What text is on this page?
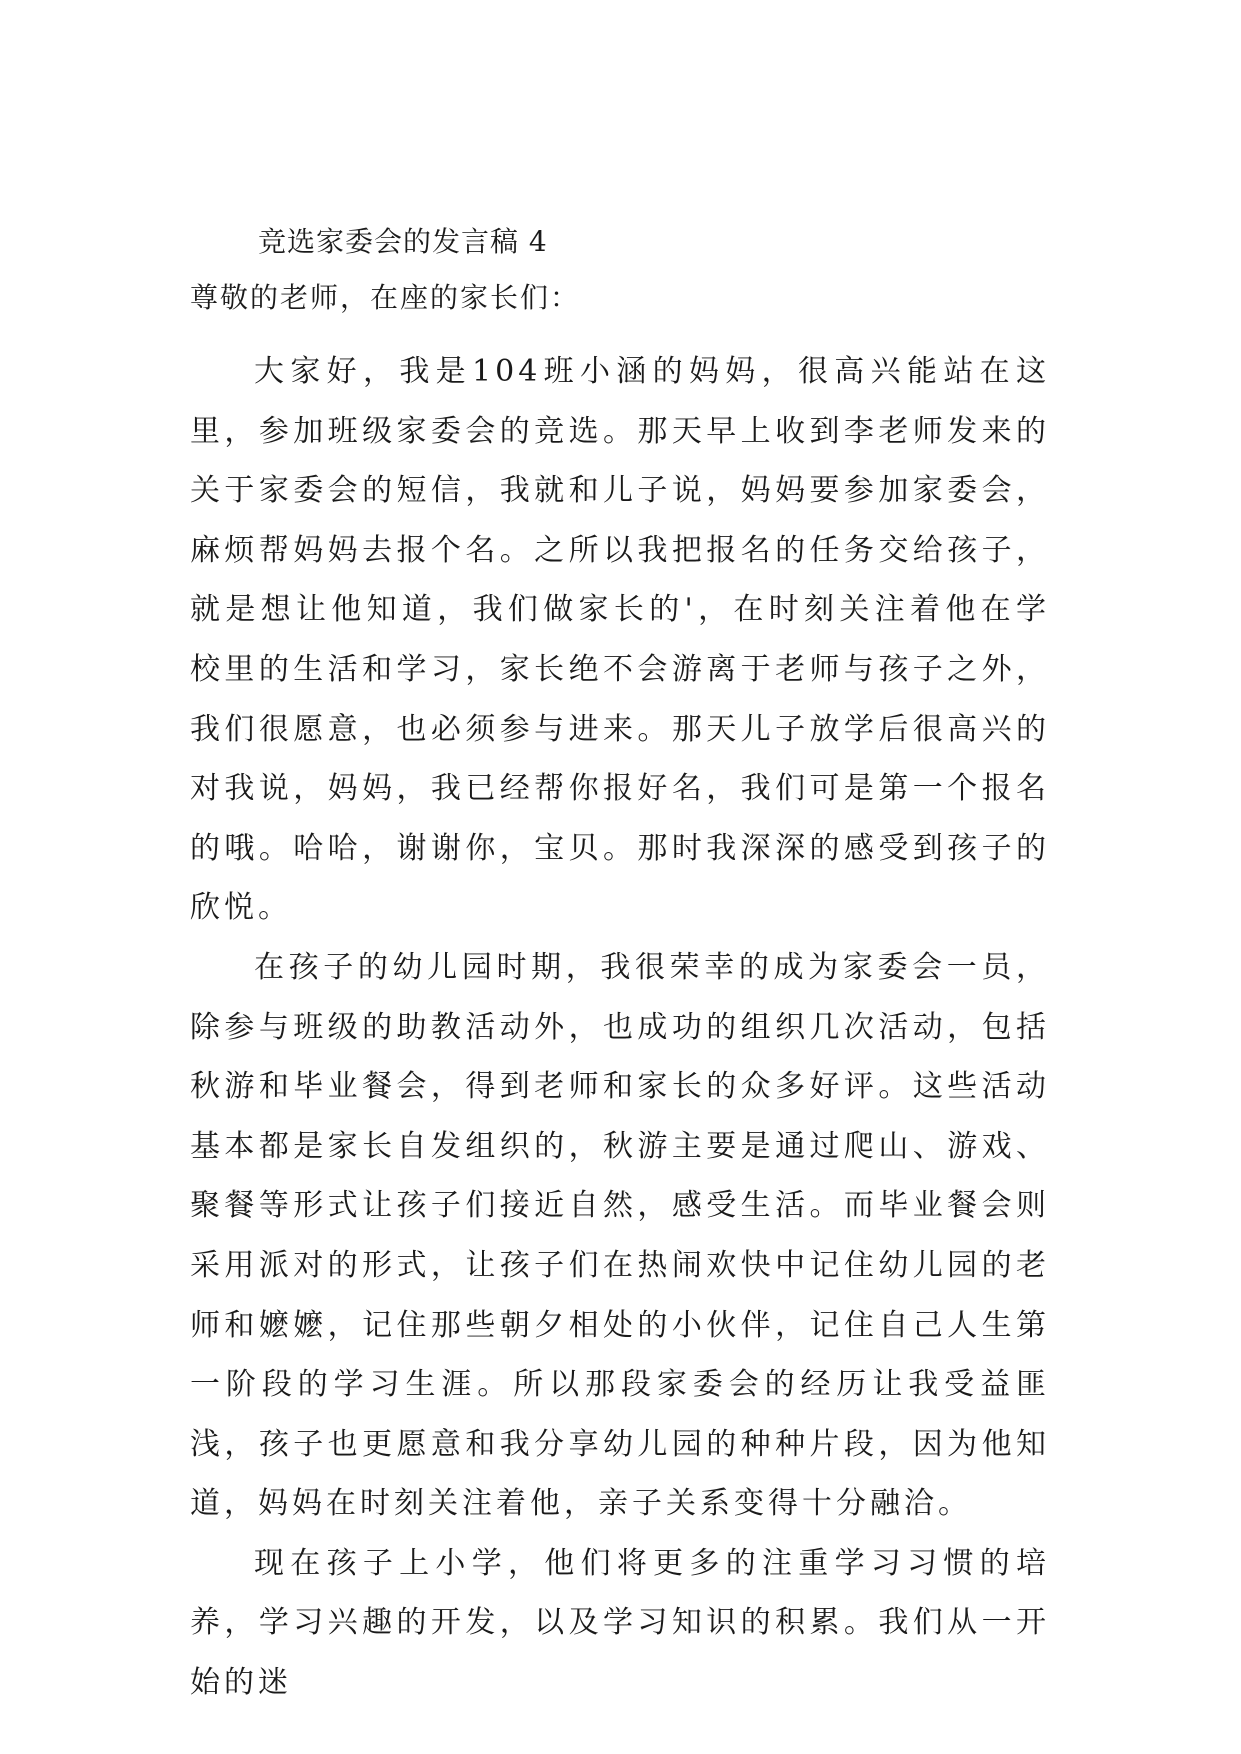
竞选家委会的发言稿 4
尊敬的老师，在座的家长们：

大家好，我是104班小涵的妈妈，很高兴能站在这里，参加班级家委会的竞选。那天早上收到李老师发来的关于家委会的短信，我就和儿子说，妈妈要参加家委会，麻烦帮妈妈去报个名。之所以我把报名的任务交给孩子，就是想让他知道，我们做家长的'，在时刻关注着他在学校里的生活和学习，家长绝不会游离于老师与孩子之外，我们很愿意，也必须参与进来。那天儿子放学后很高兴的对我说，妈妈，我已经帮你报好名，我们可是第一个报名的哦。哈哈，谢谢你，宝贝。那时我深深的感受到孩子的欣悦。

在孩子的幼儿园时期，我很荣幸的成为家委会一员，除参与班级的助教活动外，也成功的组织几次活动，包括秋游和毕业餐会，得到老师和家长的众多好评。这些活动基本都是家长自发组织的，秋游主要是通过爬山、游戏、聚餐等形式让孩子们接近自然，感受生活。而毕业餐会则采用派对的形式，让孩子们在热闹欢快中记住幼儿园的老师和嬷嬷，记住那些朝夕相处的小伙伴，记住自己人生第一阶段的学习生涯。所以那段家委会的经历让我受益匪浅，孩子也更愿意和我分享幼儿园的种种片段，因为他知道，妈妈在时刻关注着他，亲子关系变得十分融洽。

现在孩子上小学，他们将更多的注重学习习惯的培养，学习兴趣的开发，以及学习知识的积累。我们从一开始的迷
